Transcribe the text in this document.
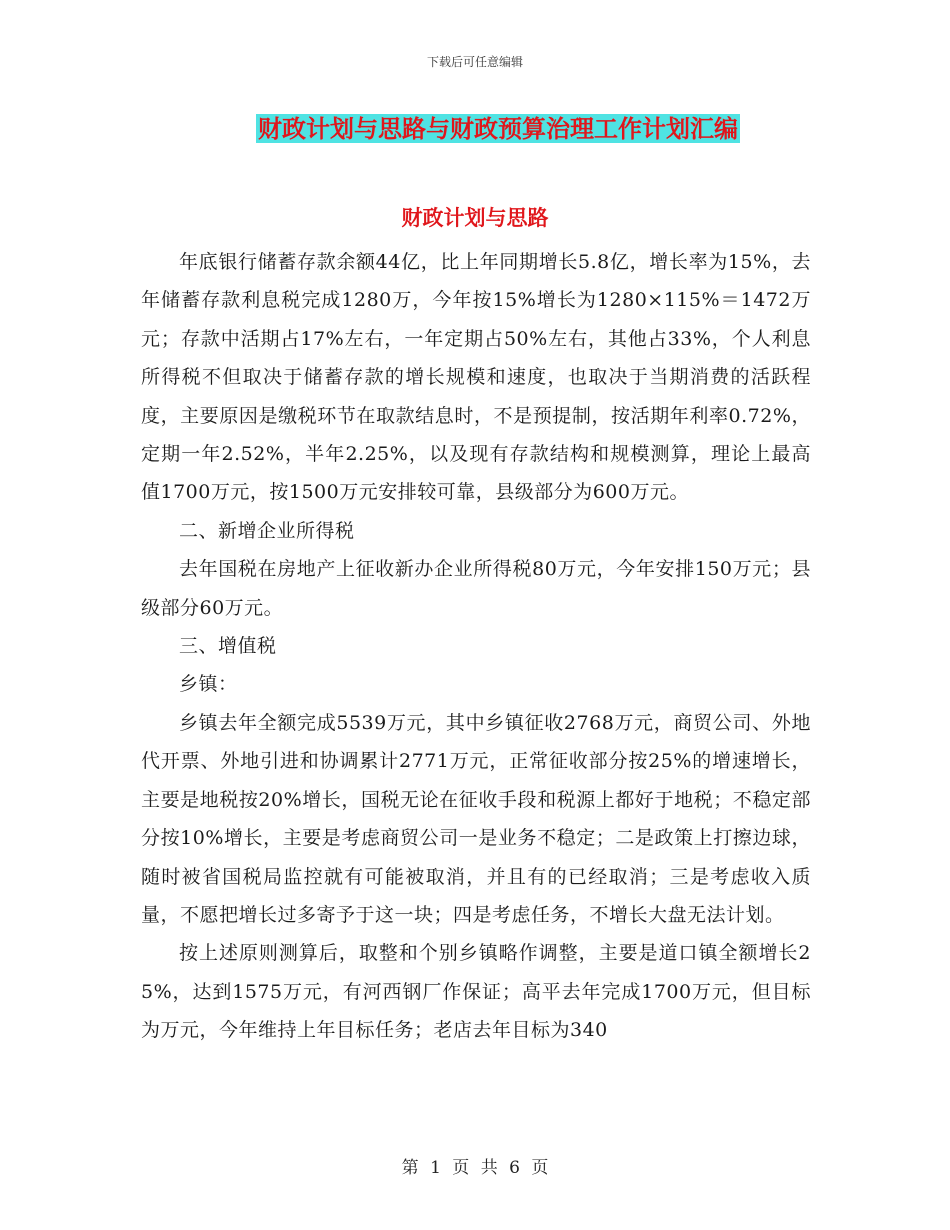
下载后可任意编辑
财政计划与思路与财政预算治理工作计划汇编
财政计划与思路

年底银行储蓄存款余额44亿，比上年同期增长5.8亿，增长率为15%，去年储蓄存款利息税完成1280万，今年按15%增长为1280×115%＝1472万元；存款中活期占17%左右，一年定期占50%左右，其他占33%，个人利息所得税不但取决于储蓄存款的增长规模和速度，也取决于当期消费的活跃程度，主要原因是缴税环节在取款结息时，不是预提制，按活期年利率0.72%，定期一年2.52%，半年2.25%，以及现有存款结构和规模测算，理论上最高值1700万元，按1500万元安排较可靠，县级部分为600万元。

二、新增企业所得税

去年国税在房地产上征收新办企业所得税80万元，今年安排150万元；县级部分60万元。

三、增值税

乡镇：

乡镇去年全额完成5539万元，其中乡镇征收2768万元，商贸公司、外地代开票、外地引进和协调累计2771万元，正常征收部分按25%的增速增长，主要是地税按20%增长，国税无论在征收手段和税源上都好于地税；不稳定部分按10%增长，主要是考虑商贸公司一是业务不稳定；二是政策上打擦边球，随时被省国税局监控就有可能被取消，并且有的已经取消；三是考虑收入质量，不愿把增长过多寄予于这一块；四是考虑任务，不增长大盘无法计划。

按上述原则测算后，取整和个别乡镇略作调整，主要是道口镇全额增长25%，达到1575万元，有河西钢厂作保证；高平去年完成1700万元，但目标为万元，今年维持上年目标任务；老店去年目标为340

第 1 页 共 6 页
